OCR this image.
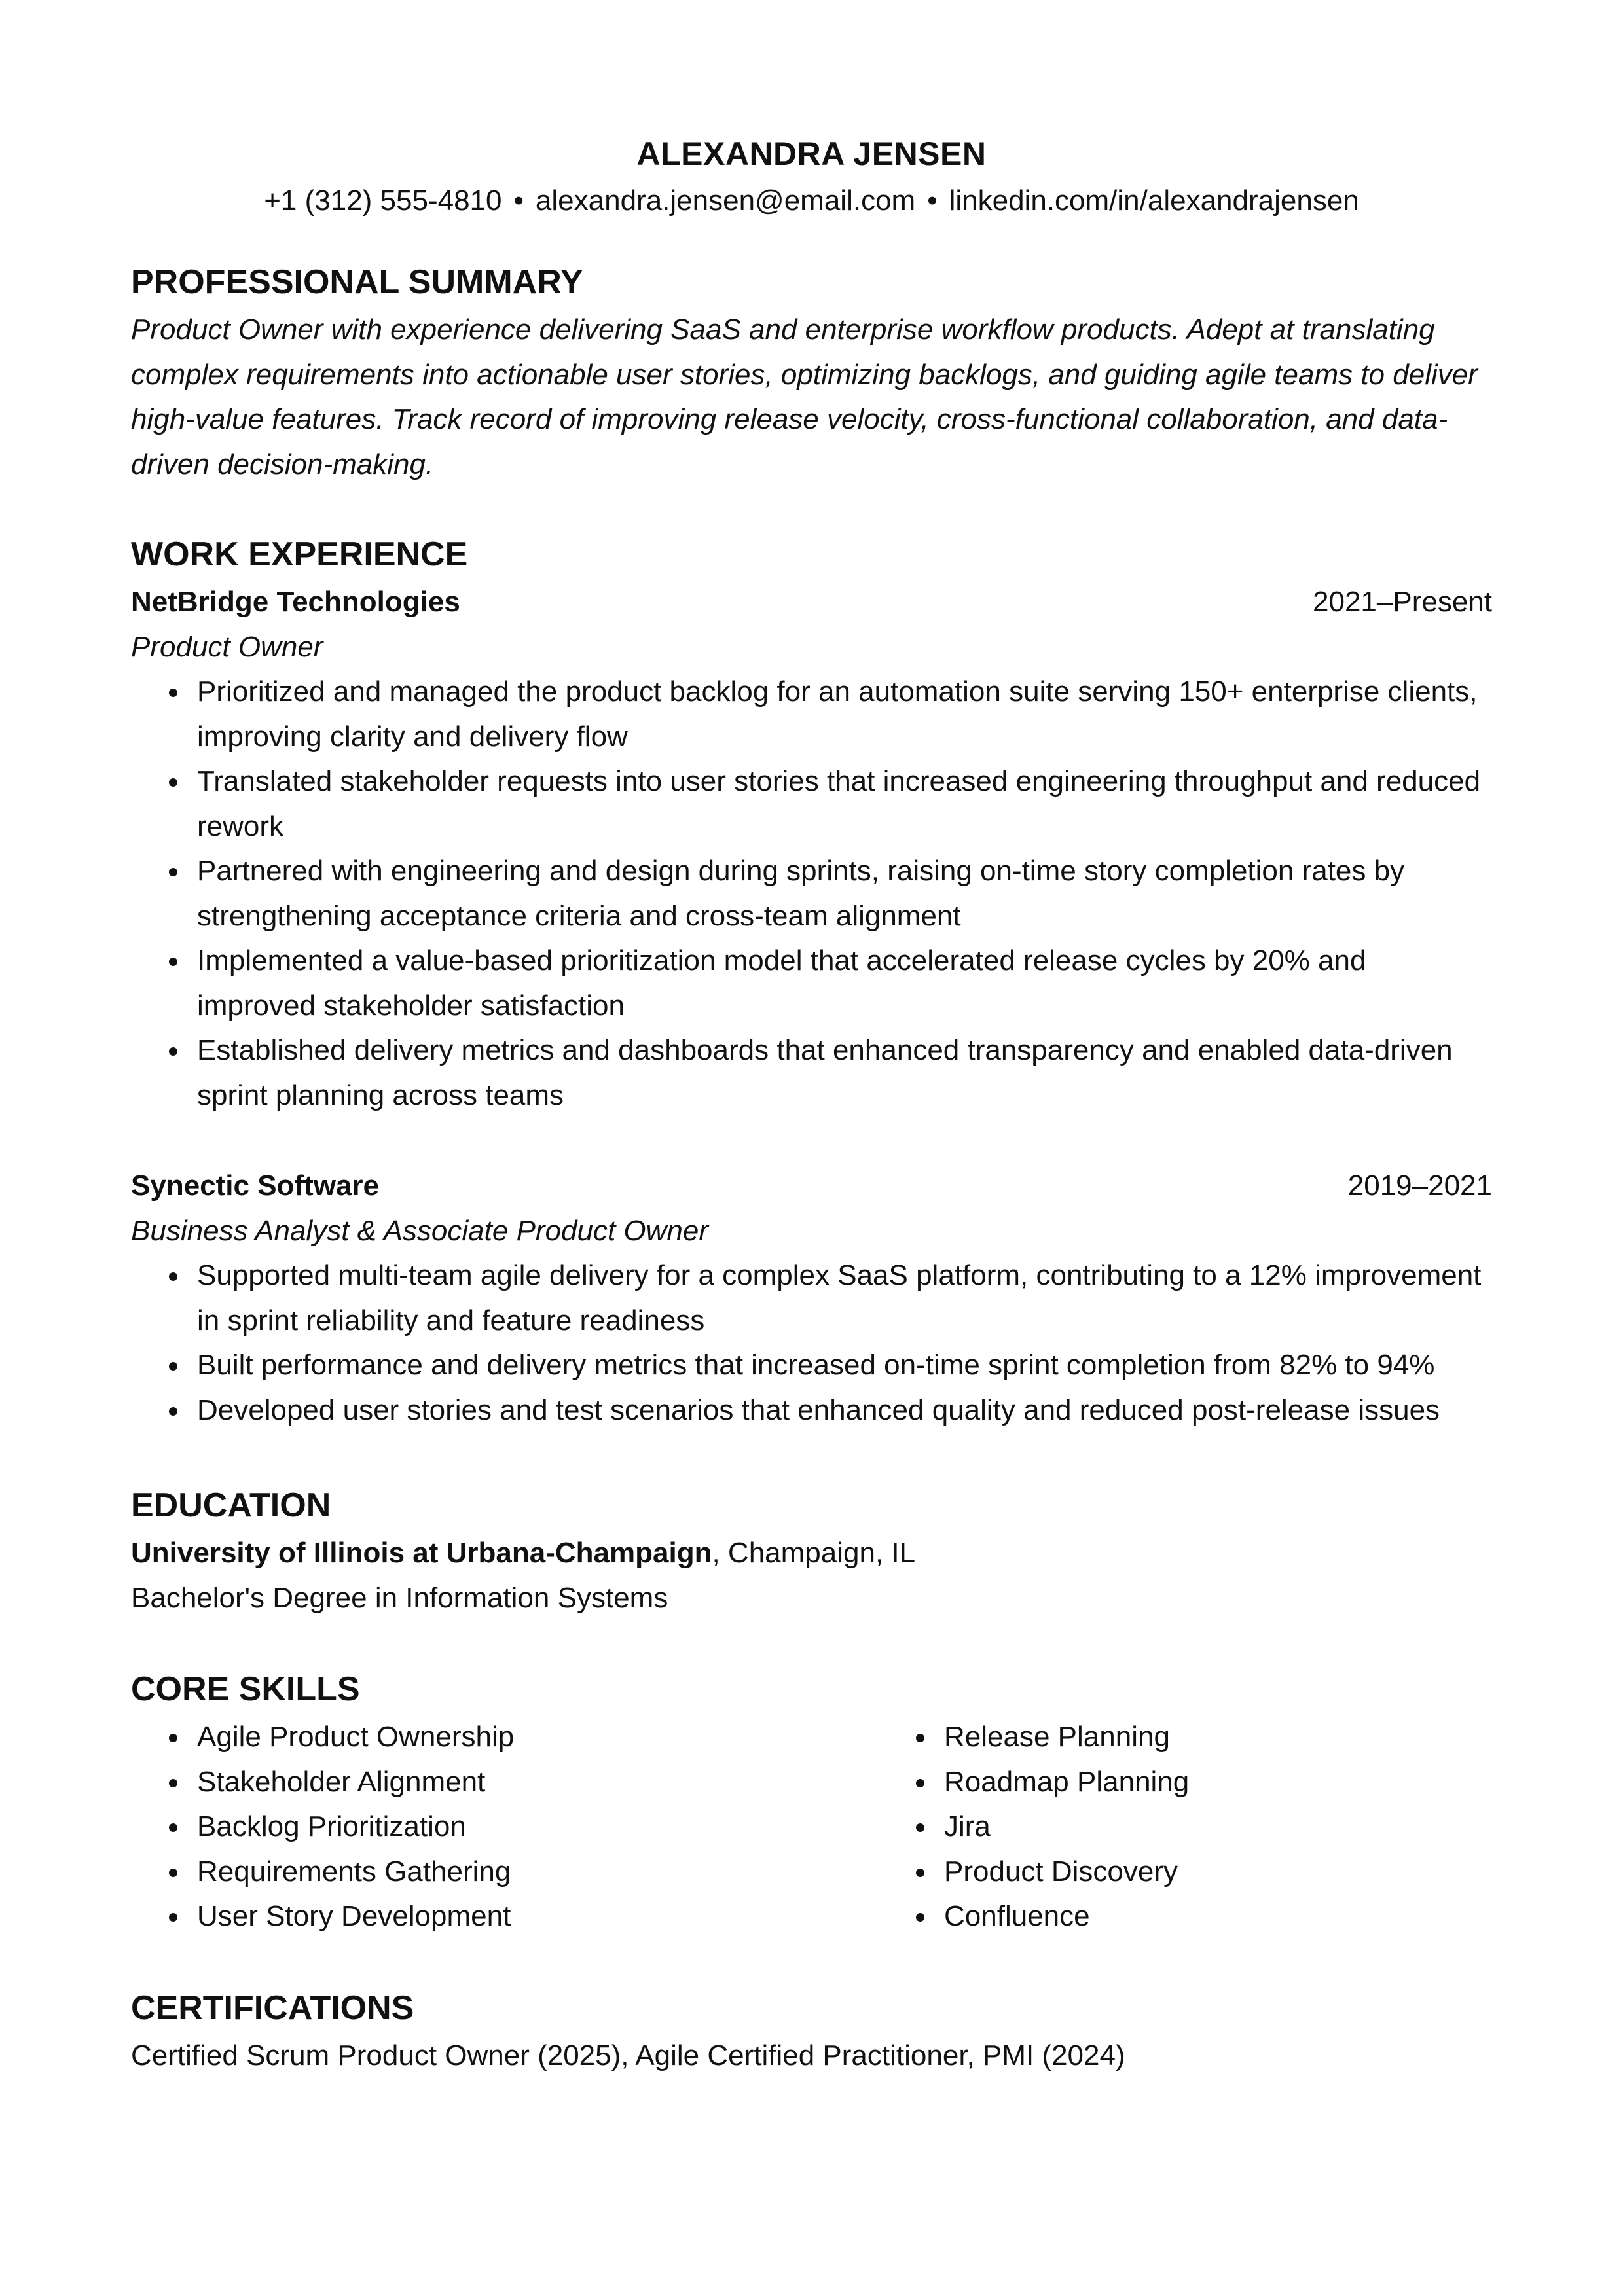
ALEXANDRA JENSEN
+1 (312) 555-4810 • alexandra.jensen@email.com • linkedin.com/in/alexandrajensen
PROFESSIONAL SUMMARY

Product Owner with experience delivering SaaS and enterprise workflow products. Adept at translating complex requirements into actionable user stories, optimizing backlogs, and guiding agile teams to deliver high-value features. Track record of improving release velocity, cross-functional collaboration, and data-driven decision-making.

WORK EXPERIENCE
NetBridge Technologies	2021–Present
Product Owner
Prioritized and managed the product backlog for an automation suite serving 150+ enterprise clients, improving clarity and delivery flow
Translated stakeholder requests into user stories that increased engineering throughput and reduced rework
Partnered with engineering and design during sprints, raising on-time story completion rates by strengthening acceptance criteria and cross-team alignment
Implemented a value-based prioritization model that accelerated release cycles by 20% and improved stakeholder satisfaction
Established delivery metrics and dashboards that enhanced transparency and enabled data-driven sprint planning across teams
Synectic Software	2019–2021
Business Analyst & Associate Product Owner
Supported multi-team agile delivery for a complex SaaS platform, contributing to a 12% improvement in sprint reliability and feature readiness
Built performance and delivery metrics that increased on-time sprint completion from 82% to 94%
Developed user stories and test scenarios that enhanced quality and reduced post-release issues
EDUCATION
University of Illinois at Urbana-Champaign, Champaign, IL
Bachelor's Degree in Information Systems
CORE SKILLS
Agile Product Ownership
Stakeholder Alignment
Backlog Prioritization
Requirements Gathering
User Story Development
Release Planning
Roadmap Planning
Jira
Product Discovery
Confluence
CERTIFICATIONS
Certified Scrum Product Owner (2025), Agile Certified Practitioner, PMI (2024)
